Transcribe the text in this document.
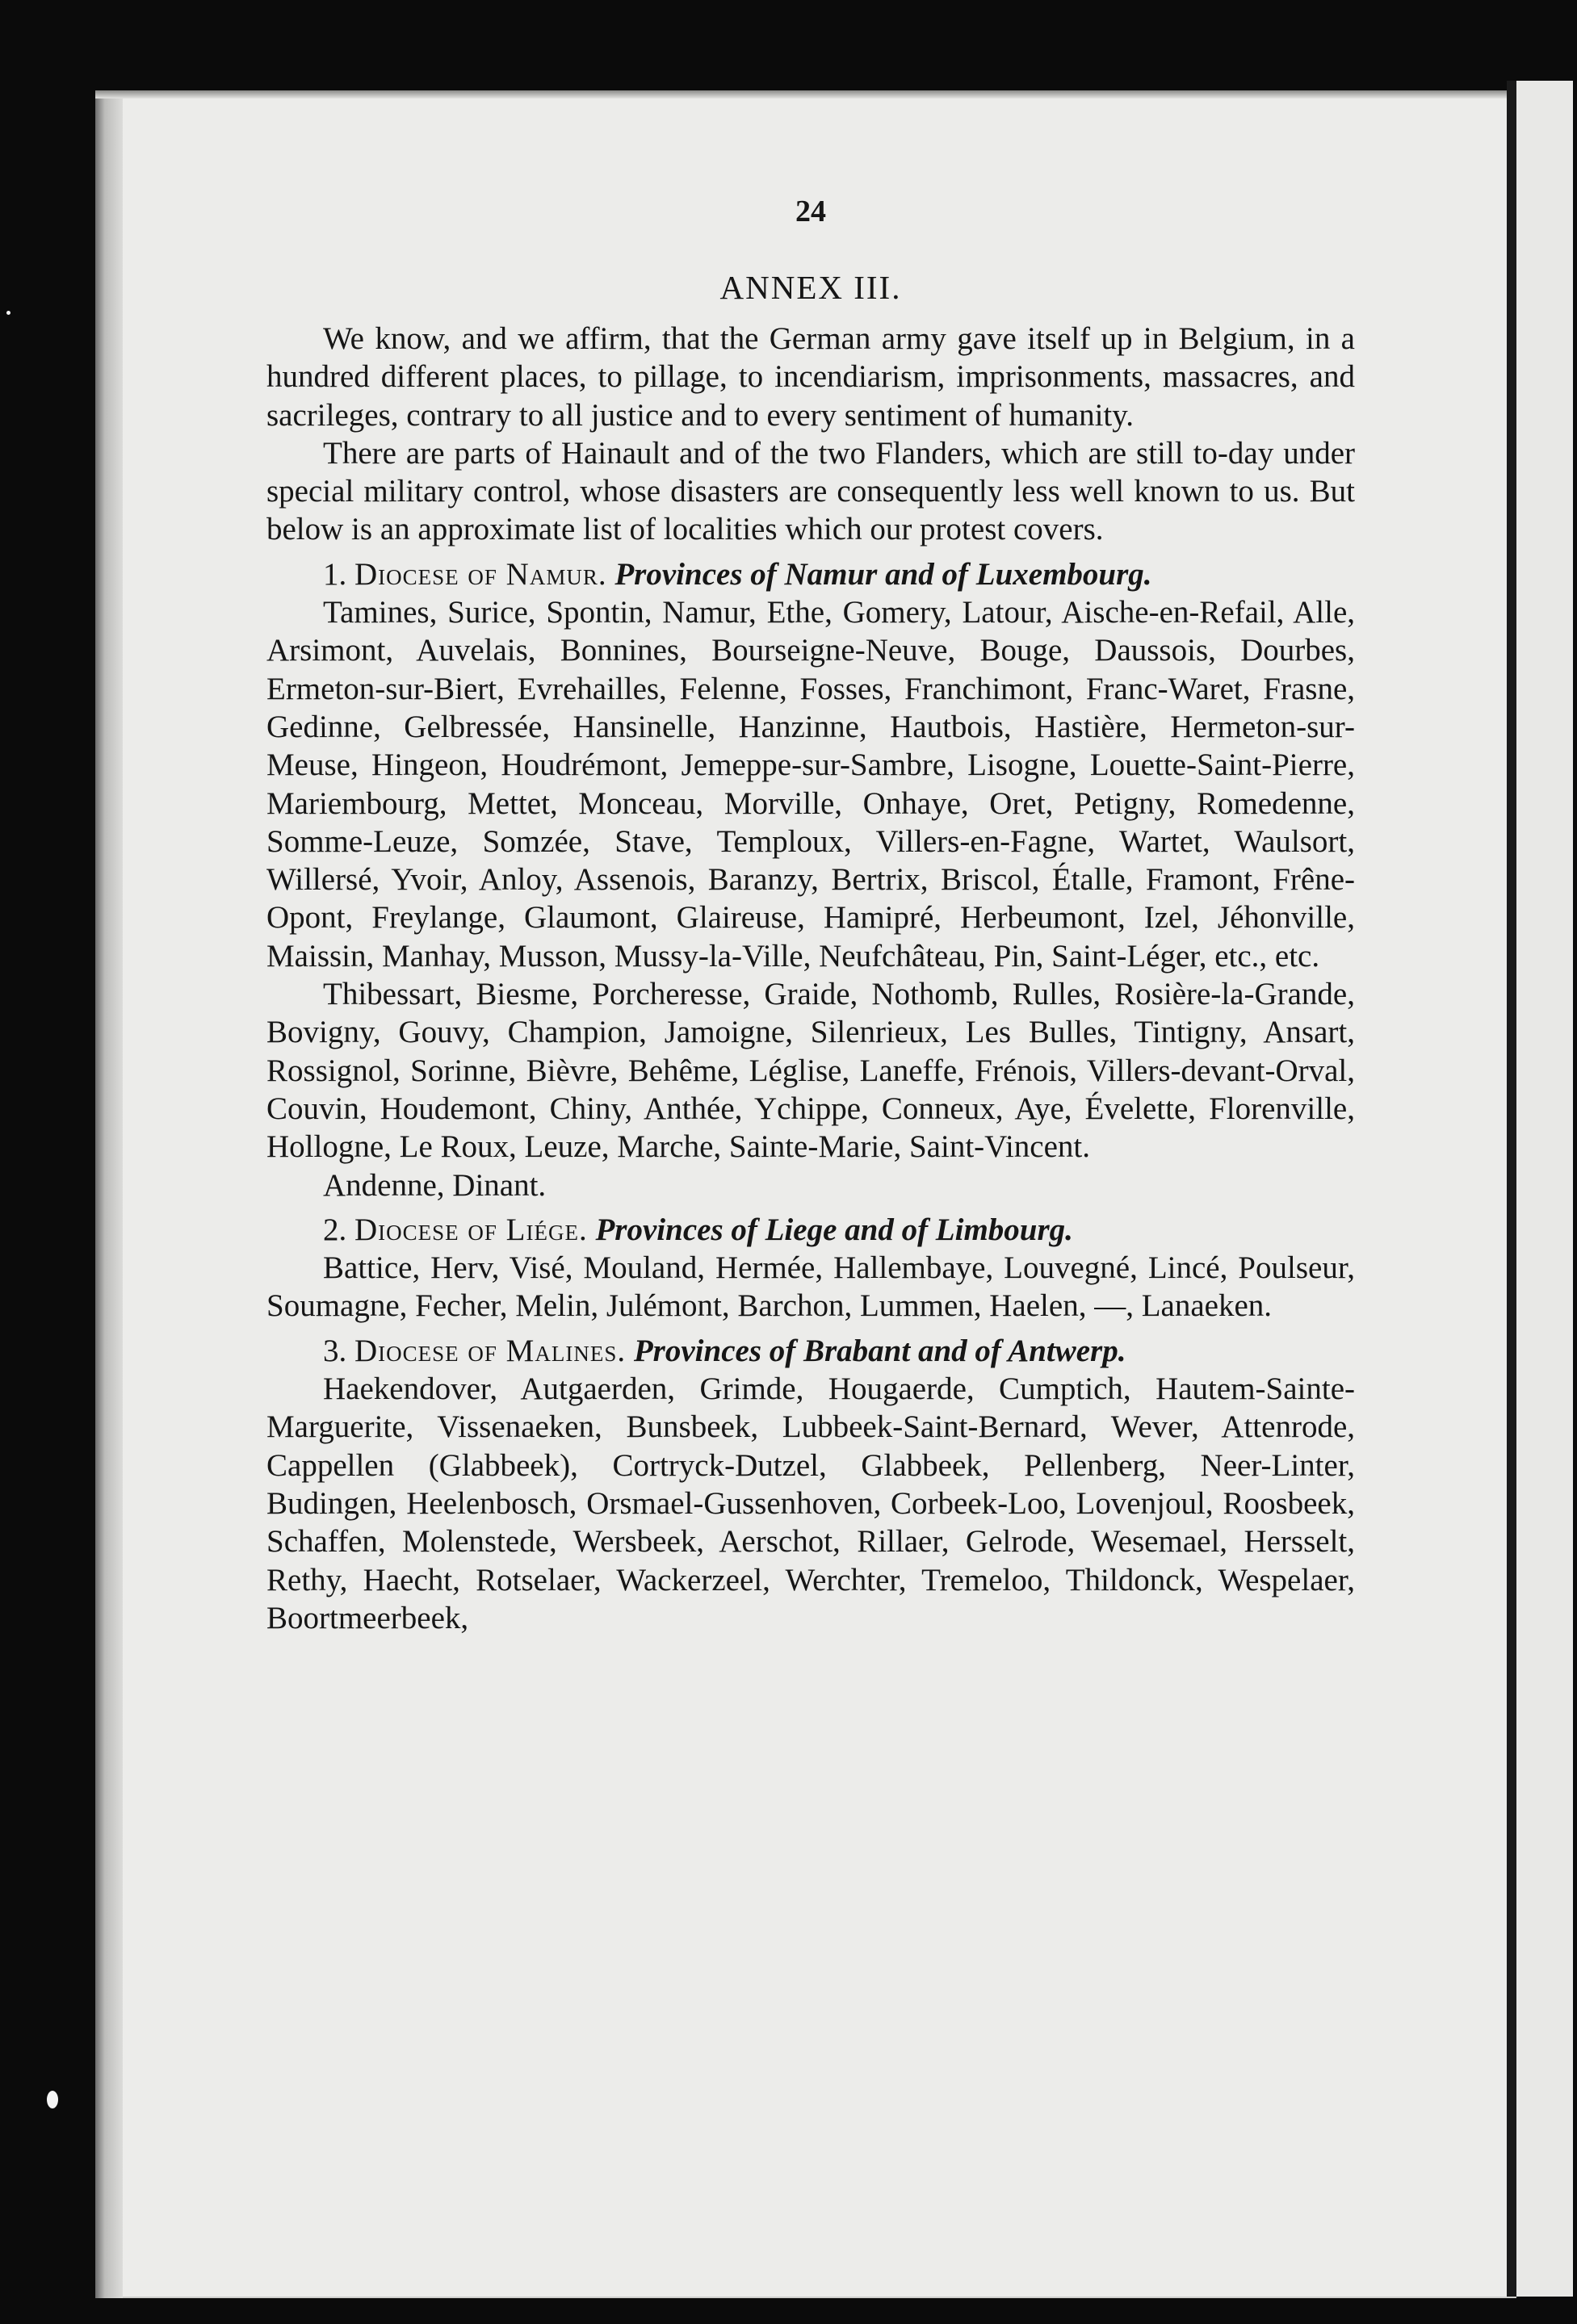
24
ANNEX III.

We know, and we affirm, that the German army gave itself up in Belgium, in a hundred different places, to pillage, to incendiarism, imprisonments, massacres, and sacrileges, contrary to all justice and to every sentiment of humanity.

There are parts of Hainault and of the two Flanders, which are still to-day under special military control, whose disasters are consequently less well known to us. But below is an approximate list of localities which our protest covers.

1. Diocese of Namur. Provinces of Namur and of Luxembourg.

Tamines, Surice, Spontin, Namur, Ethe, Gomery, Latour, Aische-en-Refail, Alle, Arsimont, Auvelais, Bonnines, Bourseigne-Neuve, Bouge, Daussois, Dourbes, Ermeton-sur-Biert, Evrehailles, Felenne, Fosses, Franchimont, Franc-Waret, Frasne, Gedinne, Gelbressée, Hansinelle, Hanzinne, Hautbois, Hastière, Hermeton-sur-Meuse, Hingeon, Houdrémont, Jemeppe-sur-Sambre, Lisogne, Louette-Saint-Pierre, Mariembourg, Mettet, Monceau, Morville, Onhaye, Oret, Petigny, Romedenne, Somme-Leuze, Somzée, Stave, Temploux, Villers-en-Fagne, Wartet, Waulsort, Willersé, Yvoir, Anloy, Assenois, Baranzy, Bertrix, Briscol, Étalle, Framont, Frêne-Opont, Freylange, Glaumont, Glaireuse, Hamipré, Herbeumont, Izel, Jéhonville, Maissin, Manhay, Musson, Mussy-la-Ville, Neufchâteau, Pin, Saint-Léger, etc., etc.

Thibessart, Biesme, Porcheresse, Graide, Nothomb, Rulles, Rosière-la-Grande, Bovigny, Gouvy, Champion, Jamoigne, Silenrieux, Les Bulles, Tintigny, Ansart, Rossignol, Sorinne, Bièvre, Behême, Léglise, Laneffe, Frénois, Villers-devant-Orval, Couvin, Houdemont, Chiny, Anthée, Ychippe, Conneux, Aye, Évelette, Florenville, Hollogne, Le Roux, Leuze, Marche, Sainte-Marie, Saint-Vincent.

Andenne, Dinant.

2. Diocese of Liége. Provinces of Liege and of Limbourg.

Battice, Herv, Visé, Mouland, Hermée, Hallembaye, Louvegné, Lincé, Poulseur, Soumagne, Fecher, Melin, Julémont, Barchon, Lummen, Haelen, —, Lanaeken.

3. Diocese of Malines. Provinces of Brabant and of Antwerp.

Haekendover, Autgaerden, Grimde, Hougaerde, Cumptich, Hautem-Sainte-Marguerite, Vissenaeken, Bunsbeek, Lubbeek-Saint-Bernard, Wever, Attenrode, Cappellen (Glabbeek), Cortryck-Dutzel, Glabbeek, Pellenberg, Neer-Linter, Budingen, Heelenbosch, Orsmael-Gussenhoven, Corbeek-Loo, Lovenjoul, Roosbeek, Schaffen, Molenstede, Wersbeek, Aerschot, Rillaer, Gelrode, Wesemael, Hersselt, Rethy, Haecht, Rotselaer, Wackerzeel, Werchter, Tremeloo, Thildonck, Wespelaer, Boortmeerbeek,
